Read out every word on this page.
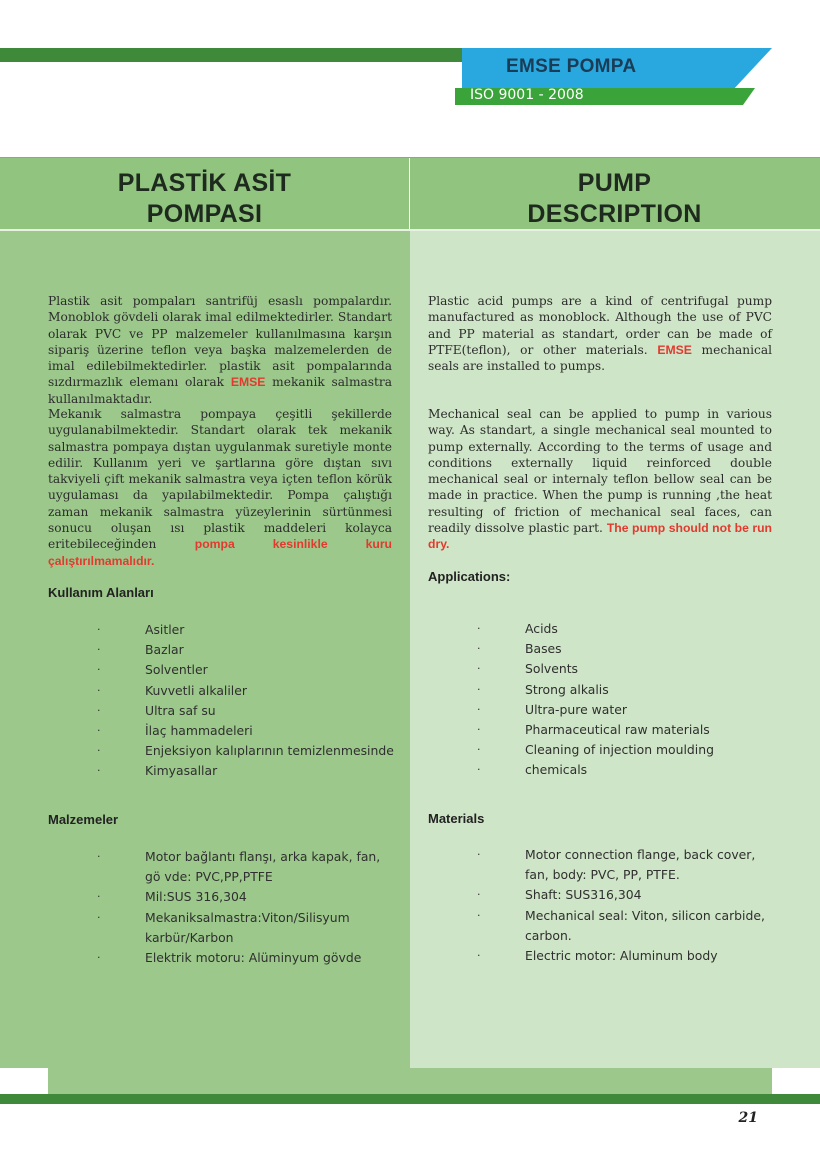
EMSE POMPA
ISO 9001 - 2008
PLASTİK ASİT
POMPASI
PUMP
DESCRIPTION
Plastik asit pompaları santrifüj esaslı pompalardır. Monoblok gövdeli olarak imal edilmektedirler. Standart olarak PVC ve PP malzemeler kullanılmasına karşın sipariş üzerine teflon veya başka malzemelerden de imal edilebilmektedirler. plastik asit pompalarında sızdırmazlık elemanı olarak EMSE mekanik salmastra kullanılmaktadır.
Mekanık salmastra pompaya çeşitli şekillerde uygulanabilmektedir. Standart olarak tek mekanik salmastra pompaya dıştan uygulanmak suretiyle monte edilir. Kullanım yeri ve şartlarına göre dıştan sıvı takviyeli çift mekanik salmastra veya içten teflon körük uygulaması da yapılabilmektedir. Pompa çalıştığı zaman mekanik salmastra yüzeylerinin sürtünmesi sonucu oluşan ısı plastik maddeleri kolayca eritebileceğinden	pompa kesinlikle kuru çalıştırılmamalıdır.
Kullanım Alanları
·	Asitler
·	Bazlar
·	Solventler
·	Kuvvetli alkaliler
·	Ultra saf su
·	İlaç hammadeleri
·	Enjeksiyon kalıplarının temizlenmesinde
·	Kimyasallar
Malzemeler
·	Motor bağlantı flanşı, arka kapak, fan, gö vde: PVC,PP,PTFE
·	Mil:SUS 316,304
·	Mekaniksalmastra:Viton/Silisyum karbür/Karbon
·	Elektrik motoru: Alüminyum gövde
Plastic acid pumps are a kind of centrifugal pump manufactured as monoblock. Although the use of PVC and PP material as standart, order can be made of PTFE(teflon), or other materials. EMSE mechanical seals are installed to pumps.
Mechanical seal can be applied to pump in various way. As standart, a single mechanical seal mounted to pump externally. According to the terms of usage and conditions externally liquid reinforced double mechanical seal or internaly teflon bellow seal can be made in practice. When the pump is running ,the heat resulting of friction of mechanical seal faces, can readily dissolve plastic part. The pump should not be run dry.
Applications:
·	Acids
·	Bases
·	Solvents
·	Strong alkalis
·	Ultra-pure water
·	Pharmaceutical raw materials
·	Cleaning of injection moulding
·	chemicals
Materials
·	Motor connection flange, back cover, fan, body: PVC, PP, PTFE.
·	Shaft: SUS316,304
·	Mechanical seal: Viton, silicon carbide, carbon.
·	Electric motor: Aluminum body
21
